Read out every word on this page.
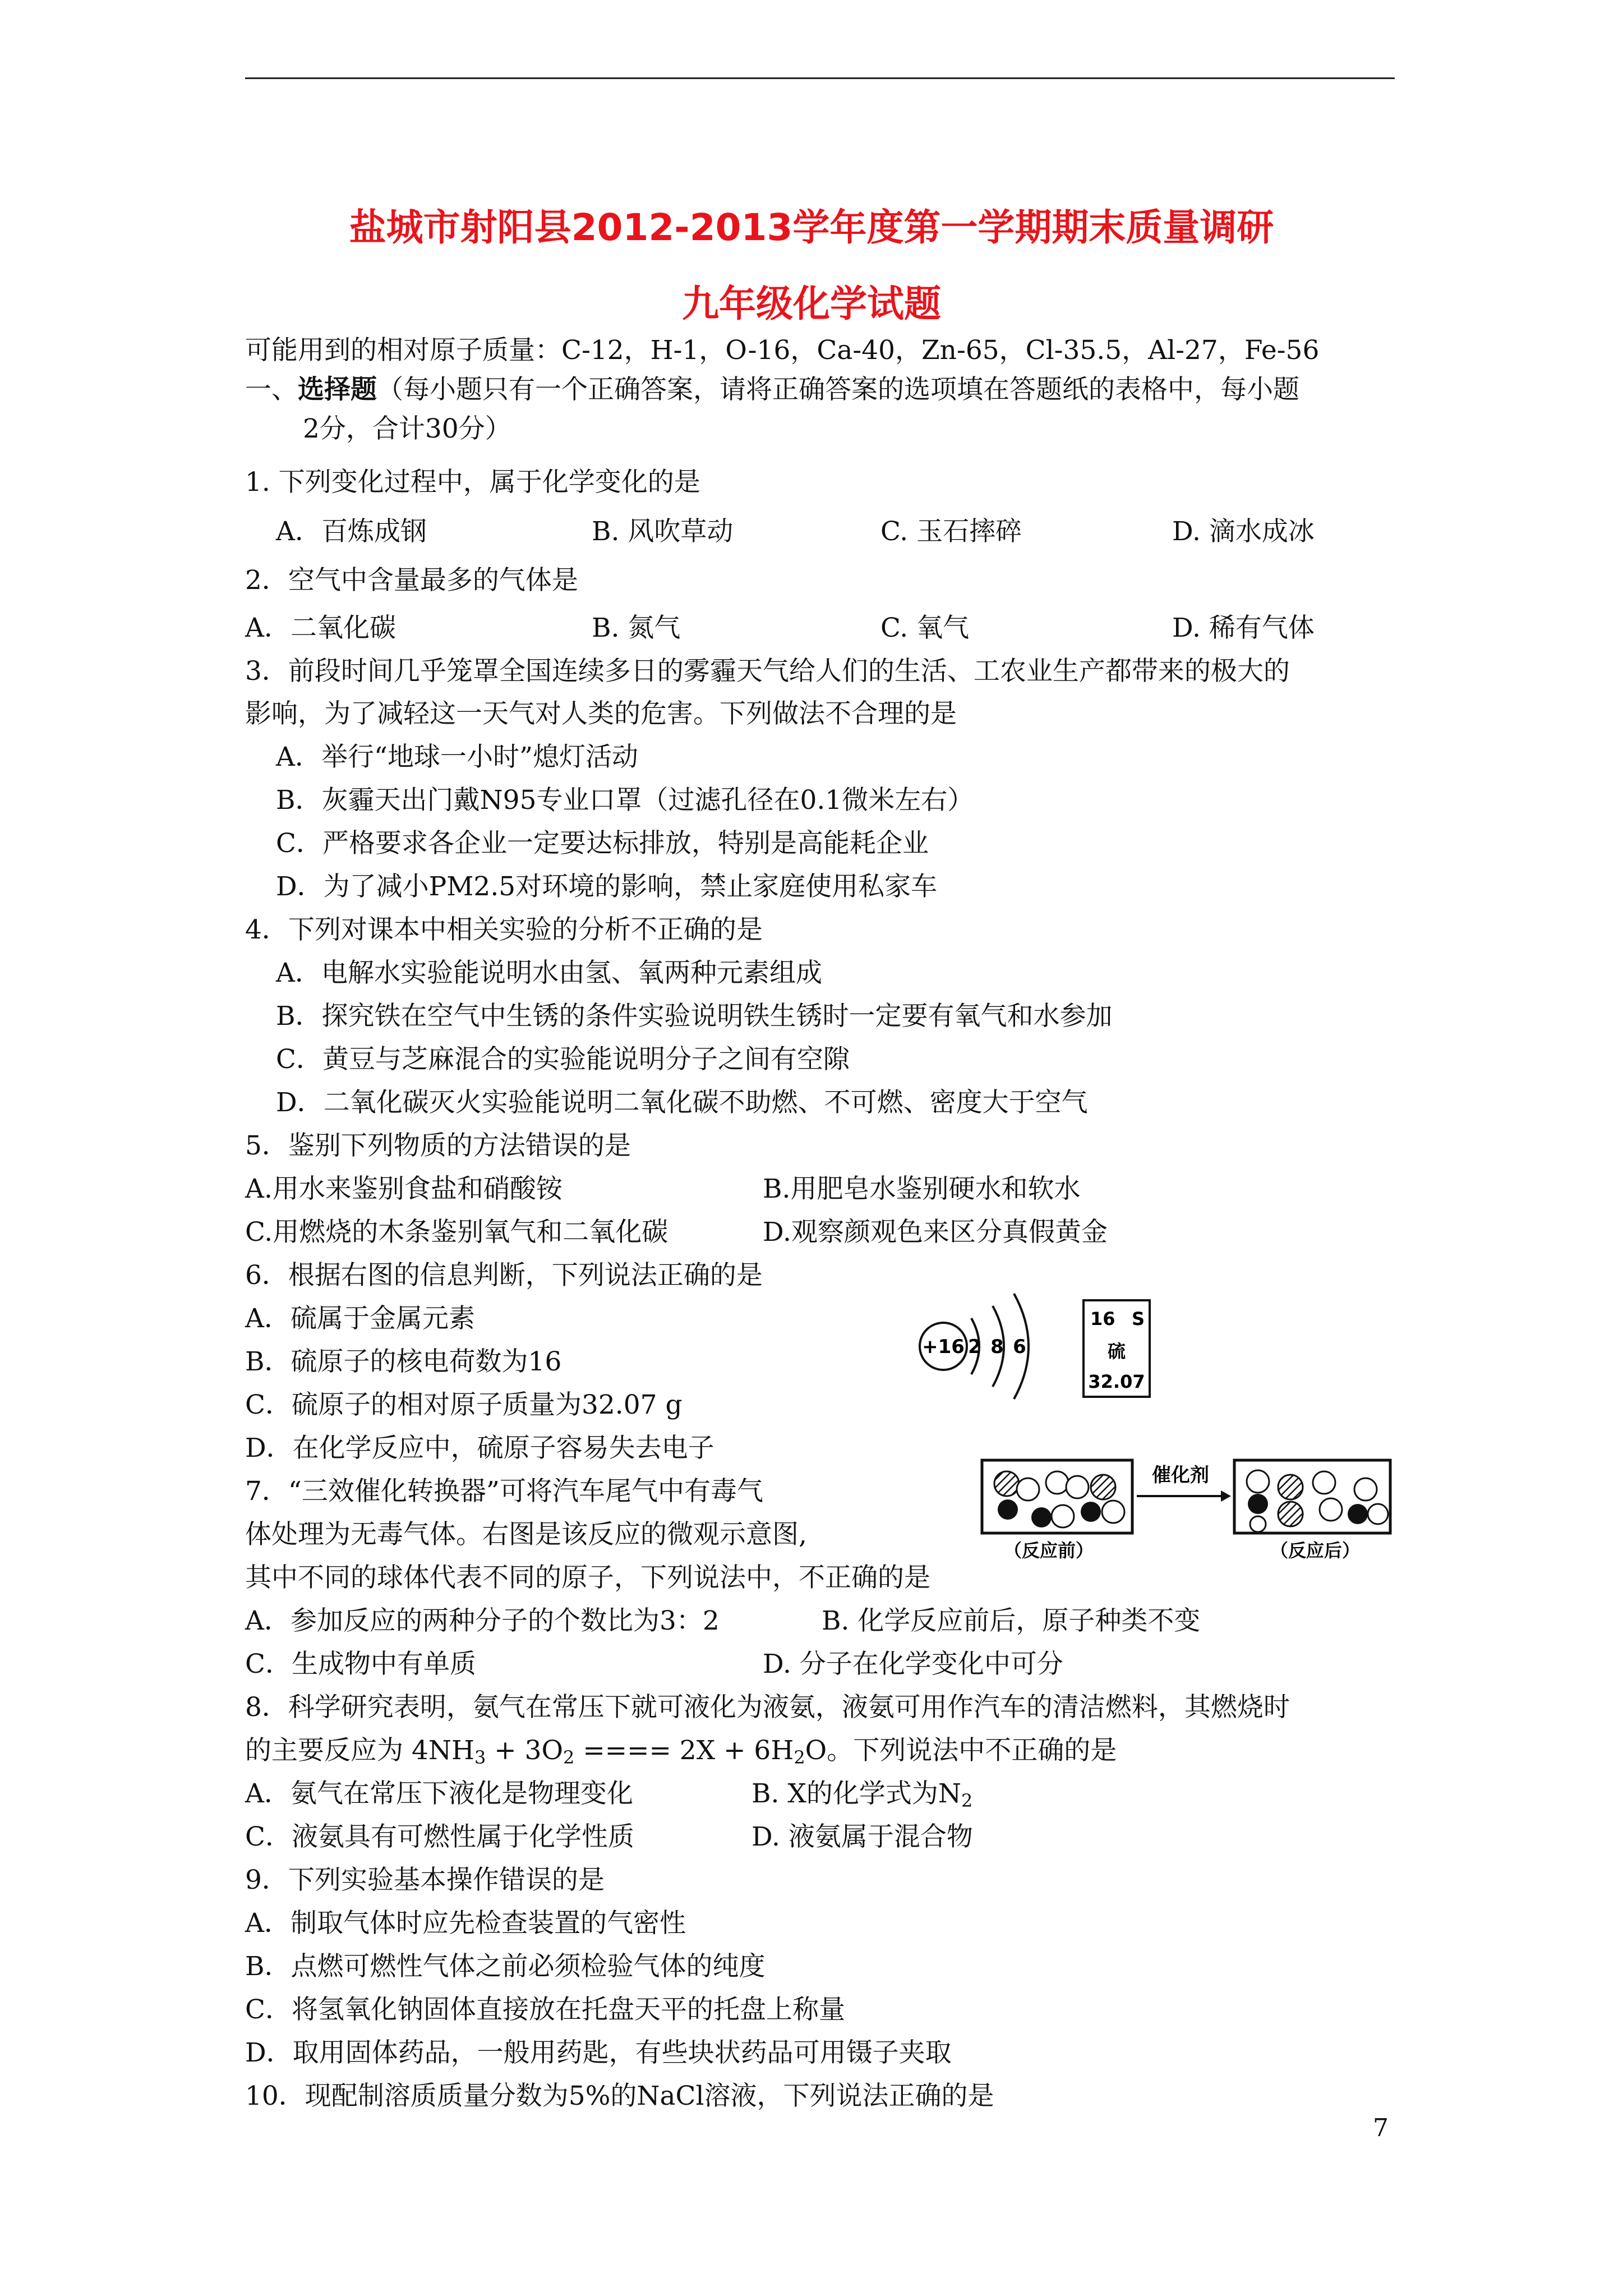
盐城市射阳县2012-2013学年度第一学期期末质量调研
九年级化学试题
可能用到的相对原子质量：C-12，H-1，O-16，Ca-40，Zn-65，Cl-35.5，Al-27，Fe-56
一、选择题（每小题只有一个正确答案，请将正确答案的选项填在答题纸的表格中，每小题
2分，合计30分）
1. 下列变化过程中，属于化学变化的是
A．百炼成钢	B. 风吹草动	C. 玉石摔碎	D. 滴水成冰
2．空气中含量最多的气体是
A．二氧化碳	B. 氮气	C. 氧气	D. 稀有气体
3．前段时间几乎笼罩全国连续多日的雾霾天气给人们的生活、工农业生产都带来的极大的
影响，为了减轻这一天气对人类的危害。下列做法不合理的是
A．举行“地球一小时”熄灯活动
B．灰霾天出门戴N95专业口罩（过滤孔径在0.1微米左右）
C．严格要求各企业一定要达标排放，特别是高能耗企业
D．为了减小PM2.5对环境的影响，禁止家庭使用私家车
4．下列对课本中相关实验的分析不正确的是
A．电解水实验能说明水由氢、氧两种元素组成
B．探究铁在空气中生锈的条件实验说明铁生锈时一定要有氧气和水参加
C．黄豆与芝麻混合的实验能说明分子之间有空隙
D．二氧化碳灭火实验能说明二氧化碳不助燃、不可燃、密度大于空气
5．鉴别下列物质的方法错误的是
A.用水来鉴别食盐和硝酸铵	B.用肥皂水鉴别硬水和软水
C.用燃烧的木条鉴别氧气和二氧化碳	D.观察颜观色来区分真假黄金
6．根据右图的信息判断，下列说法正确的是
A．硫属于金属元素
B．硫原子的核电荷数为16
C．硫原子的相对原子质量为32.07 g
D．在化学反应中，硫原子容易失去电子
+16 2 8 6
16 S
硫
32.07
7．“三效催化转换器”可将汽车尾气中有毒气
体处理为无毒气体。右图是该反应的微观示意图,
其中不同的球体代表不同的原子，下列说法中，不正确的是
A．参加反应的两种分子的个数比为3：2	B. 化学反应前后，原子种类不变
C．生成物中有单质	D. 分子在化学变化中可分
催化剂
（反应前）	（反应后）
8．科学研究表明，氨气在常压下就可液化为液氨，液氨可用作汽车的清洁燃料，其燃烧时
的主要反应为 $4NH_3 + 3O_2$ ==== $2X + 6H_2O$。下列说法中不正确的是
A．氨气在常压下液化是物理变化	B. X的化学式为$N_2$
C．液氨具有可燃性属于化学性质	D. 液氨属于混合物
9．下列实验基本操作错误的是
A．制取气体时应先检查装置的气密性
B．点燃可燃性气体之前必须检验气体的纯度
C．将氢氧化钠固体直接放在托盘天平的托盘上称量
D．取用固体药品，一般用药匙，有些块状药品可用镊子夹取
10．现配制溶质质量分数为5%的NaCl溶液，下列说法正确的是
7
